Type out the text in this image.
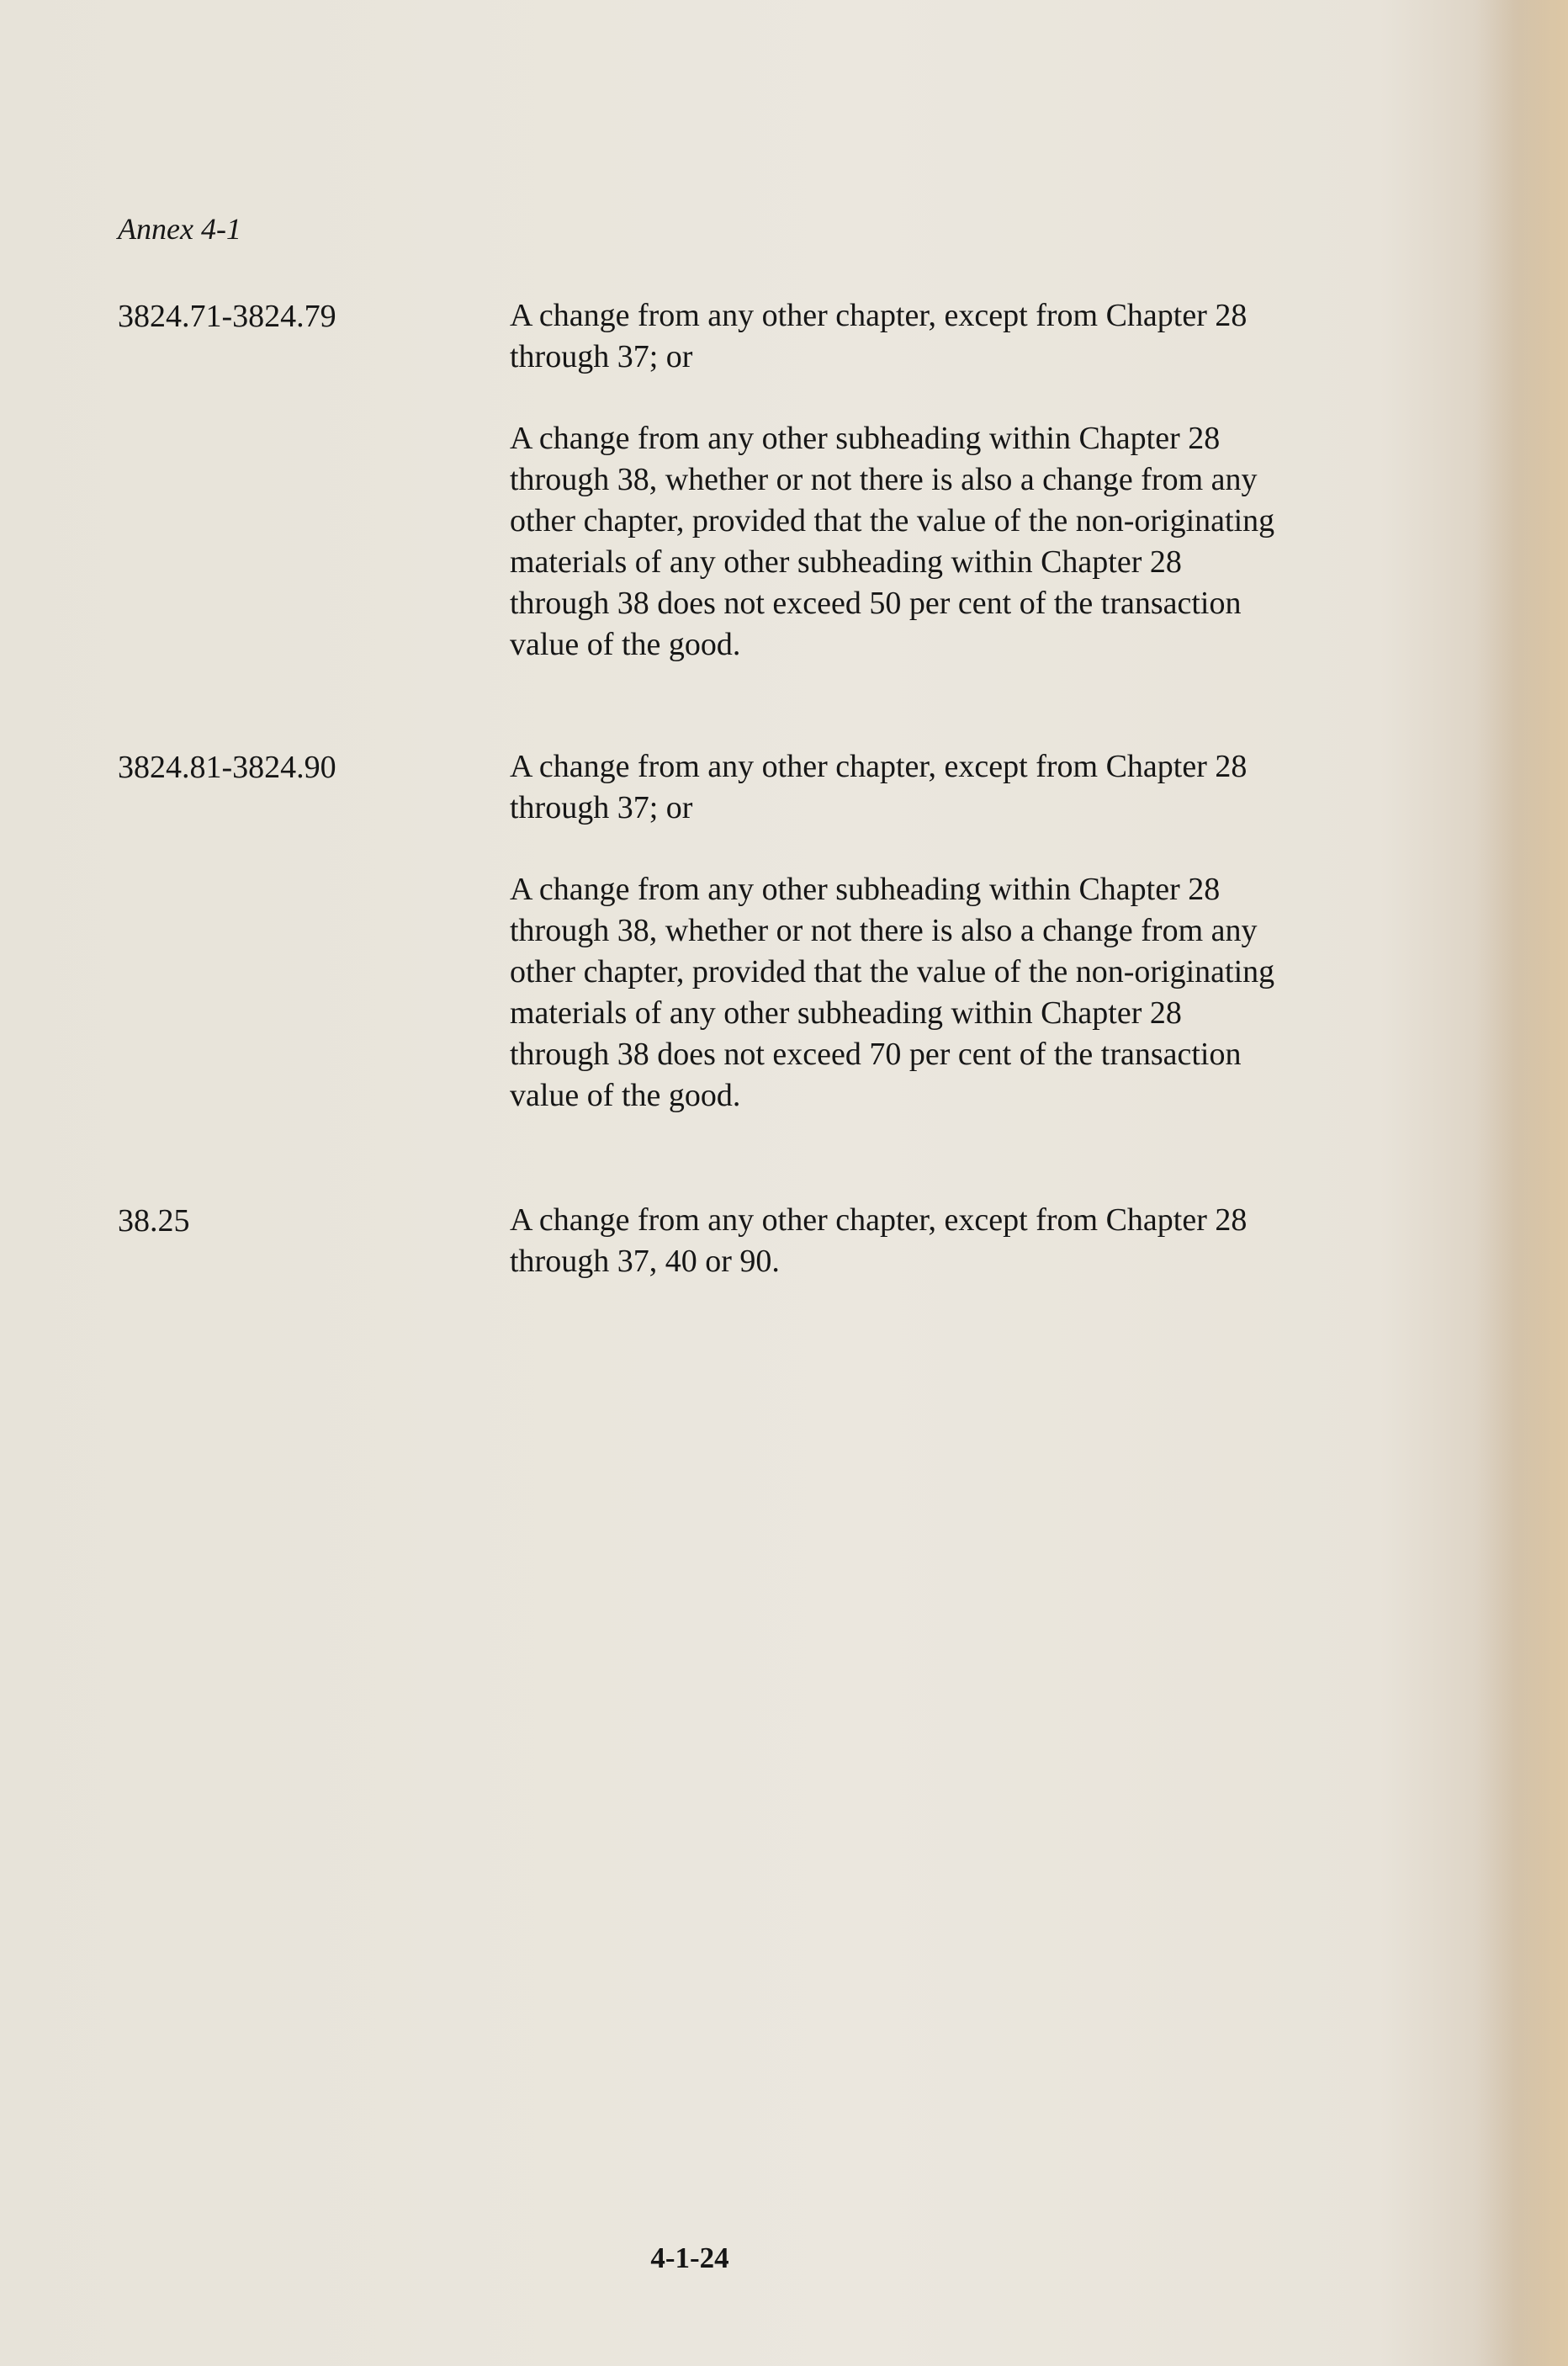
Annex 4-1

3824.71-3824.79	A change from any other chapter, except from Chapter 28 through 37; or

A change from any other subheading within Chapter 28 through 38, whether or not there is also a change from any other chapter, provided that the value of the non-originating materials of any other subheading within Chapter 28 through 38 does not exceed 50 per cent of the transaction value of the good.

3824.81-3824.90	A change from any other chapter, except from Chapter 28 through 37; or

A change from any other subheading within Chapter 28 through 38, whether or not there is also a change from any other chapter, provided that the value of the non-originating materials of any other subheading within Chapter 28 through 38 does not exceed 70 per cent of the transaction value of the good.

38.25	A change from any other chapter, except from Chapter 28 through 37, 40 or 90.

4-1-24
